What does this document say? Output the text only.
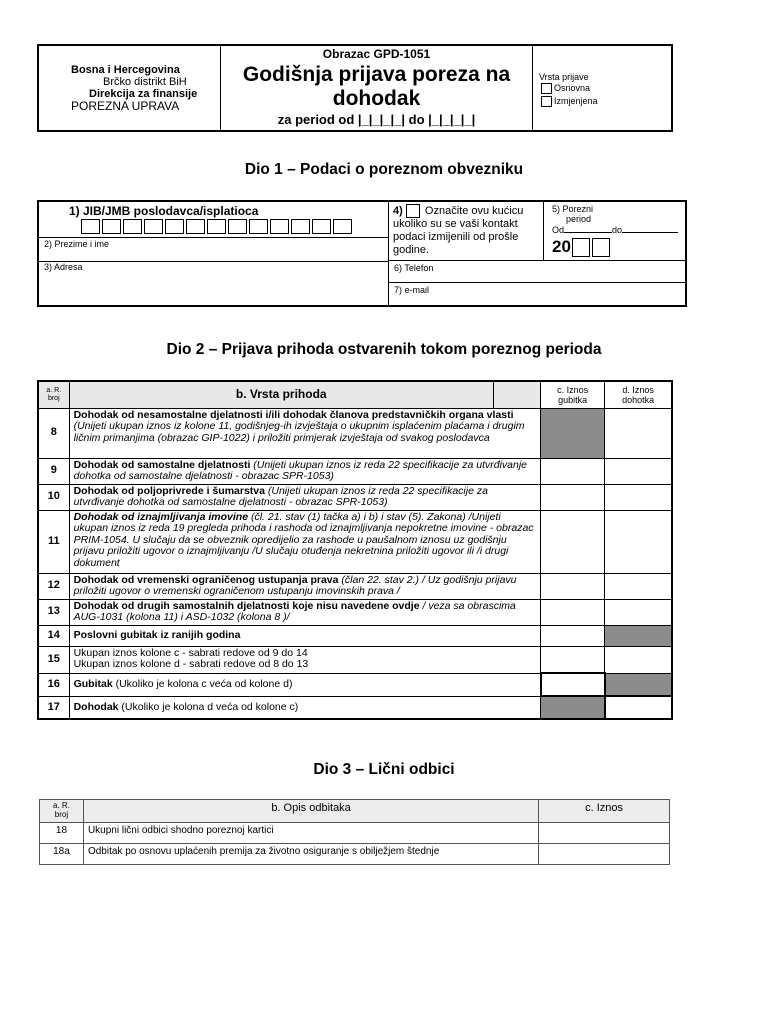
Bosna i Hercegovina
Brčko distrikt BiH
Direkcija za finansije
POREZNA UPRAVA
Obrazac GPD-1051
Godišnja prijava poreza na
dohodak
za period od |_|_|_|_| do |_|_|_|_|
Vrsta prijave
Osnovna
Izmjenjena
Dio 1 – Podaci o poreznom obvezniku
1) JIB/JMB poslodavca/isplatioca
2) Prezime i ime
3) Adresa
4) Označite ovu kućicu ukoliko su se vaši kontakt podaci izmijenili od prošle godine.
5) Porezni
period
Od	do
20
6) Telefon
7) e-mail
Dio 2 – Prijava prihoda ostvarenih tokom poreznog perioda
a. R. broj	b. Vrsta prihoda		c. Iznos gubitka	d. Iznos dohotka
8	Dohodak od nesamostalne djelatnosti i/ili dohodak članova predstavničkih organa vlasti (Unijeti ukupan iznos iz kolone 11, godišnjeg-ih izvještaja o ukupnim isplaćenim plaćama i drugim ličnim primanjima (obrazac GIP-1022) i priložiti primjerak izvještaja od svakog poslodavca			
9	Dohodak od samostalne djelatnosti (Unijeti ukupan iznos iz reda 22 specifikacije za utvrđivanje dohotka od samostalne djelatnosti - obrazac SPR-1053)			
10	Dohodak od poljoprivrede i šumarstva (Unijeti ukupan iznos iz reda 22 specifikacije za utvrđivanje dohotka od samostalne djelatnosti - obrazac SPR-1053)			
11	Dohodak od iznajmljivanja imovine (čl. 21. stav (1) tačka a) i b) i stav (5). Zakona) /Unijeti ukupan iznos iz reda 19 pregleda prihoda i rashoda od iznajmljivanja nepokretne imovine - obrazac PRIM-1054. U slučaju da se obveznik opredijelio za rashode u paušalnom iznosu uz godišnju prijavu priložiti ugovor o iznajmljivanju /U slučaju otuđenja nekretnina priložiti ugovor ili /i drugi dokument			
12	Dohodak od vremenski ograničenog ustupanja prava (član 22. stav 2.) / Uz godišnju prijavu priložiti ugovor o vremenski ograničenom ustupanju imovinskih prava /			
13	Dohodak od drugih samostalnih djelatnosti koje nisu navedene ovdje / veza sa obrascima AUG-1031 (kolona 11) i ASD-1032 (kolona 8 )/			
14	Poslovni gubitak iz ranijih godina			
15	Ukupan iznos kolone c - sabrati redove od 9 do 14
Ukupan iznos kolone d - sabrati redove od 8 do 13			

16	Gubitak (Ukoliko je kolona c veća od kolone d)			
17	Dohodak (Ukoliko je kolona d veća od kolone c)			
Dio 3 – Lični odbici
a. R. broj	b. Opis odbitaka	c. Iznos
18	Ukupni lični odbici shodno poreznoj kartici	
18a	Odbitak po osnovu uplaćenih premija za životno osiguranje s obilježjem štednje	
